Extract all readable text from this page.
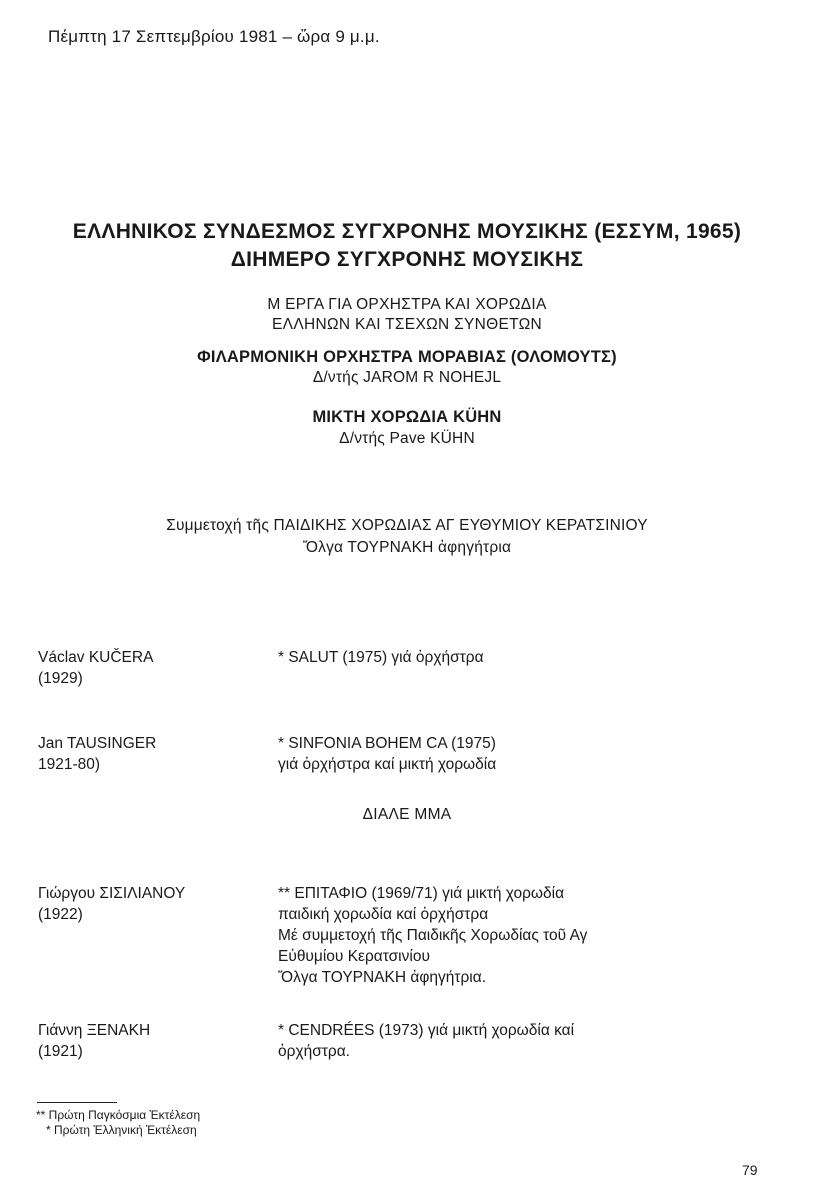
Πέμπτη 17 Σεπτεμβρίου 1981 – ὥρα 9 μ.μ.
ΕΛΛΗΝΙΚΟΣ ΣΥΝΔΕΣΜΟΣ ΣΥΓΧΡΟΝΗΣ ΜΟΥΣΙΚΗΣ (ΕΣΣΥΜ, 1965)
ΔΙΗΜΕΡΟ ΣΥΓΧΡΟΝΗΣ ΜΟΥΣΙΚΗΣ
Μ ΕΡΓΑ ΓΙΑ ΟΡΧΗΣΤΡΑ ΚΑΙ ΧΟΡΩΔΙΑ
ΕΛΛΗΝΩΝ ΚΑΙ ΤΣΕΧΩΝ ΣΥΝΘΕΤΩΝ
ΦΙΛΑΡΜΟΝΙΚΗ ΟΡΧΗΣΤΡΑ ΜΟΡΑΒΙΑΣ (ΟΛΟΜΟΥΤΣ)
Δ/ντής JAROM R NOHEJL
ΜΙΚΤΗ ΧΟΡΩΔΙΑ KÜHN
Δ/ντής Pave KÜHN
Συμμετοχή τῆς ΠΑΙΔΙΚΗΣ ΧΟΡΩΔΙΑΣ ΑΓ ΕΥΘΥΜΙΟΥ ΚΕΡΑΤΣΙΝΙΟΥ
Ὄλγα ΤΟΥΡΝΑΚΗ ἀφηγήτρια
Václav KUČERA
(1929)
* SALUT (1975) γιά ὀρχήστρα
Jan TAUSINGER
1921-80)
* SINFONIA BOHEM CA (1975)
γιά ὀρχήστρα καί μικτή χορωδία
ΔΙΑΛΕ ΜΜΑ
Γιώργου ΣΙΣΙΛΙΑΝΟΥ
(1922)
** ΕΠΙΤΑΦΙΟ (1969/71) γιά μικτή χορωδία
παιδική χορωδία καί ὀρχήστρα
Μέ συμμετοχή τῆς Παιδικῆς Χορωδίας τοῦ Αγ
Εὐθυμίου Κερατσινίου
Ὄλγα ΤΟΥΡΝΑΚΗ ἀφηγήτρια.
Γιάννη ΞΕΝΑΚΗ
(1921)
* CENDRÉES (1973) γιά μικτή χορωδία καί
ὀρχήστρα.
** Πρώτη Παγκόσμια Ἐκτέλεση
* Πρώτη Ἑλληνική Ἐκτέλεση
79
